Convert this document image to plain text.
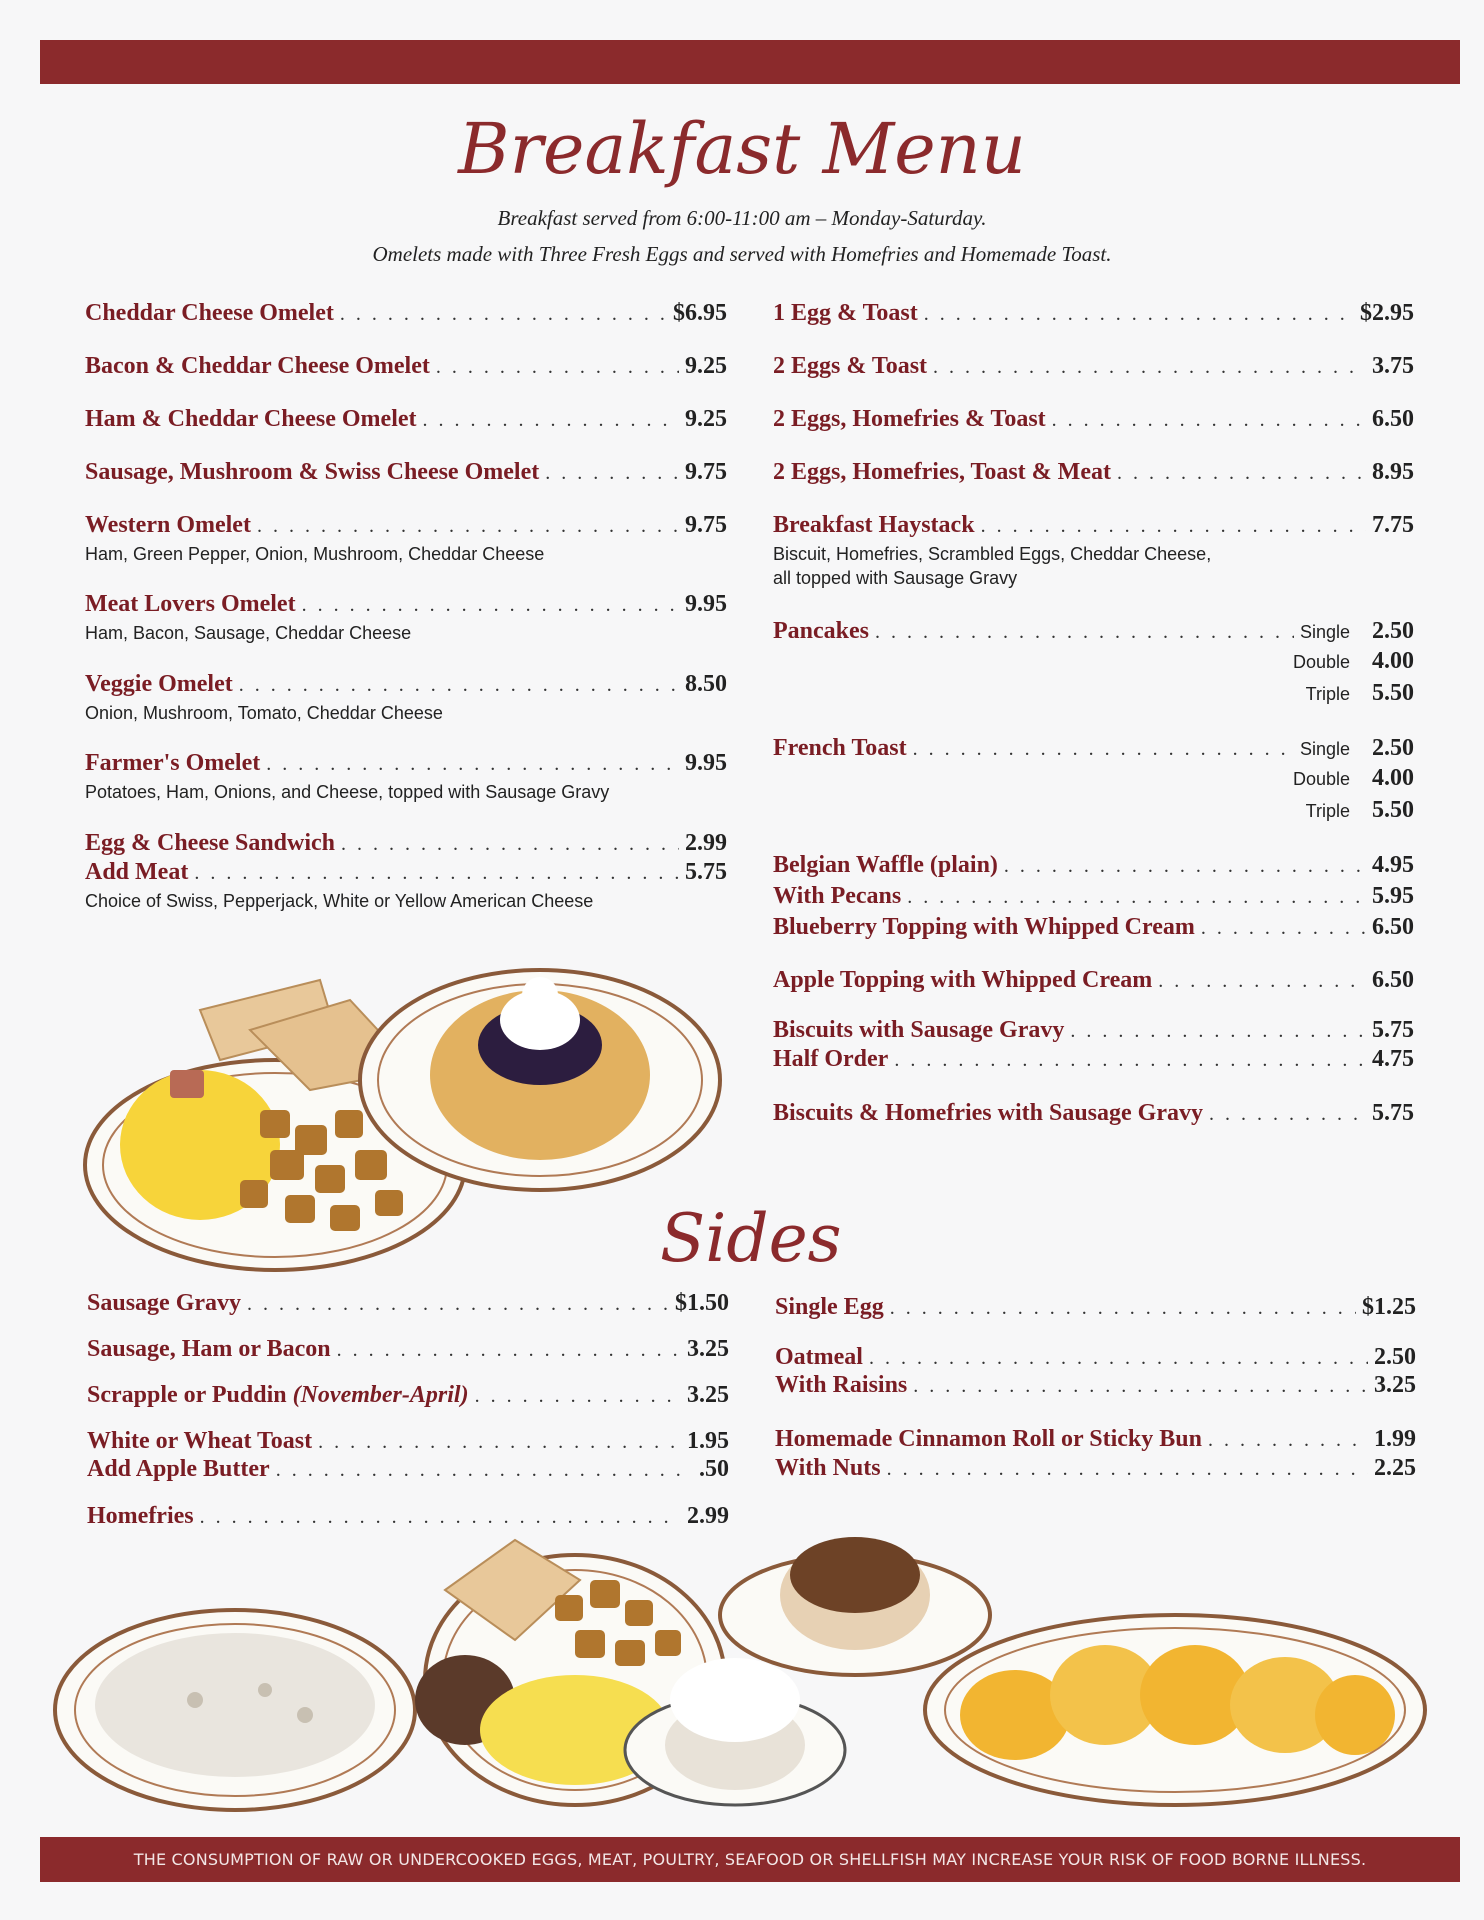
Breakfast Menu
Breakfast served from 6:00-11:00 am – Monday-Saturday.
Omelets made with Three Fresh Eggs and served with Homefries and Homemade Toast.
Cheddar Cheese Omelet . . .	$6.95
Bacon & Cheddar Cheese Omelet . . .	9.25
Ham & Cheddar Cheese Omelet . . .	9.25
Sausage, Mushroom & Swiss Cheese Omelet . . .	9.75
Western Omelet . . .	9.75
Ham, Green Pepper, Onion, Mushroom, Cheddar Cheese
Meat Lovers Omelet . . .	9.95
Ham, Bacon, Sausage, Cheddar Cheese
Veggie Omelet . . .	8.50
Onion, Mushroom, Tomato, Cheddar Cheese
Farmer's Omelet . . .	9.95
Potatoes, Ham, Onions, and Cheese, topped with Sausage Gravy
Egg & Cheese Sandwich . . .	2.99
Add Meat . . .	5.75
Choice of Swiss, Pepperjack, White or Yellow American Cheese
1 Egg & Toast . . .	$2.95
2 Eggs & Toast . . .	3.75
2 Eggs, Homefries & Toast . . .	6.50
2 Eggs, Homefries, Toast & Meat . . .	8.95
Breakfast Haystack . . .	7.75
Biscuit, Homefries, Scrambled Eggs, Cheddar Cheese,
all topped with Sausage Gravy
Pancakes . . .	Single 2.50
Double 4.00
Triple 5.50
French Toast . . .	Single 2.50
Double 4.00
Triple 5.50
Belgian Waffle (plain) . . .	4.95
With Pecans . . .	5.95
Blueberry Topping with Whipped Cream . . .	6.50
Apple Topping with Whipped Cream . . .	6.50
Biscuits with Sausage Gravy . . .	5.75
Half Order . . .	4.75
Biscuits & Homefries with Sausage Gravy . . .	5.75
Sides
Sausage Gravy . . .	$1.50
Sausage, Ham or Bacon . . .	3.25
Scrapple or Puddin (November-April) . . .	3.25
White or Wheat Toast . . .	1.95
Add Apple Butter . . .	.50
Homefries . . .	2.99
Single Egg . . .	$1.25
Oatmeal . . .	2.50
With Raisins . . .	3.25
Homemade Cinnamon Roll or Sticky Bun . . .	1.99
With Nuts . . .	2.25
THE CONSUMPTION OF RAW OR UNDERCOOKED EGGS, MEAT, POULTRY, SEAFOOD OR SHELLFISH MAY INCREASE YOUR RISK OF FOOD BORNE ILLNESS.
